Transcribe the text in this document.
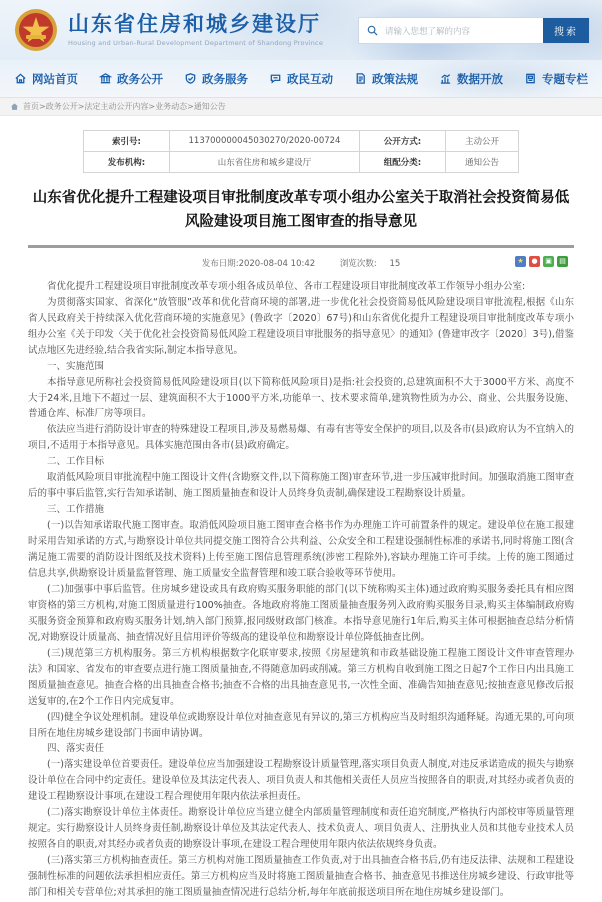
山东省住房和城乡建设厅
Housing and Urban-Rural Development Department of Shandong Province
请输入您想了解的内容
搜索
网站首页	政务公开	政务服务	政民互动	政策法规	数据开放	专题专栏
首页>政务公开>法定主动公开内容>业务动态>通知公告
索引号:	113700000045030270/2020-00724	公开方式:	主动公开
发布机构:	山东省住房和城乡建设厅	组配分类:	通知公告
山东省优化提升工程建设项目审批制度改革专项小组办公室关于取消社会投资简易低风险建设项目施工图审查的指导意见
发布日期:2020-08-04 10:42	浏览次数: 15	★	●	▣	▤

省优化提升工程建设项目审批制度改革专项小组各成员单位、各市工程建设项目审批制度改革工作领导小组办公室:

为贯彻落实国家、省深化“放管服”改革和优化营商环境的部署,进一步优化社会投资简易低风险建设项目审批流程,根据《山东省人民政府关于持续深入优化营商环境的实施意见》(鲁政字〔2020〕67号)和山东省优化提升工程建设项目审批制度改革专项小组办公室《关于印发〈关于优化社会投资简易低风险工程建设项目审批服务的指导意见〉的通知》(鲁建审改字〔2020〕3号),借鉴试点地区先进经验,结合我省实际,制定本指导意见。

一、实施范围

本指导意见所称社会投资简易低风险建设项目(以下简称低风险项目)是指:社会投资的,总建筑面积不大于3000平方米、高度不大于24米,且地下不超过一层、建筑面积不大于1000平方米,功能单一、技术要求简单,建筑物性质为办公、商业、公共服务设施、普通仓库、标准厂房等项目。

依法应当进行消防设计审查的特殊建设工程项目,涉及易燃易爆、有毒有害等安全保护的项目,以及各市(县)政府认为不宜纳入的项目,不适用于本指导意见。具体实施范围由各市(县)政府确定。

二、工作目标

取消低风险项目审批流程中施工图设计文件(含勘察文件,以下简称施工图)审查环节,进一步压减审批时间。加强取消施工图审查后的事中事后监管,实行告知承诺制、施工图质量抽查和设计人员终身负责制,确保建设工程勘察设计质量。

三、工作措施

(一)以告知承诺取代施工图审查。取消低风险项目施工图审查合格书作为办理施工许可前置条件的规定。建设单位在施工报建时采用告知承诺的方式,与勘察设计单位共同提交施工图符合公共利益、公众安全和工程建设强制性标准的承诺书,同时将施工图(含满足施工需要的消防设计图纸及技术资料)上传至施工图信息管理系统(涉密工程除外),容缺办理施工许可手续。上传的施工图通过信息共享,供勘察设计质量监督管理、施工质量安全监督管理和竣工联合验收等环节使用。

(二)加强事中事后监管。住房城乡建设或具有政府购买服务职能的部门(以下统称购买主体)通过政府购买服务委托具有相应图审资格的第三方机构,对施工图质量进行100%抽查。各地政府将施工图质量抽查服务列入政府购买服务目录,购买主体编制政府购买服务资金预算和政府购买服务计划,纳入部门预算,报同级财政部门核准。本指导意见施行1年后,购买主体可根据抽查总结分析情况,对勘察设计质量高、抽查情况好且信用评价等级高的建设单位和勘察设计单位降低抽查比例。

(三)规范第三方机构服务。第三方机构根据数字化联审要求,按照《房屋建筑和市政基础设施工程施工图设计文件审查管理办法》和国家、省发布的审查要点进行施工图质量抽查,不得随意加码或削减。第三方机构自收到施工图之日起7个工作日内出具施工图质量抽查意见。抽查合格的出具抽查合格书;抽查不合格的出具抽查意见书,一次性全面、准确告知抽查意见;按抽查意见修改后报送复审的,在2个工作日内完成复审。

(四)健全争议处理机制。建设单位或勘察设计单位对抽查意见有异议的,第三方机构应当及时组织沟通释疑。沟通无果的,可向项目所在地住房城乡建设部门书面申请协调。

四、落实责任

(一)落实建设单位首要责任。建设单位应当加强建设工程勘察设计质量管理,落实项目负责人制度,对违反承诺造成的损失与勘察设计单位在合同中约定责任。建设单位及其法定代表人、项目负责人和其他相关责任人员应当按照各自的职责,对其经办或者负责的建设工程勘察设计事项,在建设工程合理使用年限内依法承担责任。

(二)落实勘察设计单位主体责任。勘察设计单位应当建立健全内部质量管理制度和责任追究制度,严格执行内部校审等质量管理规定。实行勘察设计人员终身责任制,勘察设计单位及其法定代表人、技术负责人、项目负责人、注册执业人员和其他专业技术人员按照各自的职责,对其经办或者负责的勘察设计事项,在建设工程合理使用年限内依法依规终身负责。

(三)落实第三方机构抽查责任。第三方机构对施工图质量抽查工作负责,对于出具抽查合格书后,仍有违反法律、法规和工程建设强制性标准的问题依法承担相应责任。第三方机构应当及时将施工图质量抽查合格书、抽查意见书推送住房城乡建设、行政审批等部门和相关专营单位;对其承担的施工图质量抽查情况进行总结分析,每年年底前报送项目所在地住房城乡建设部门。
